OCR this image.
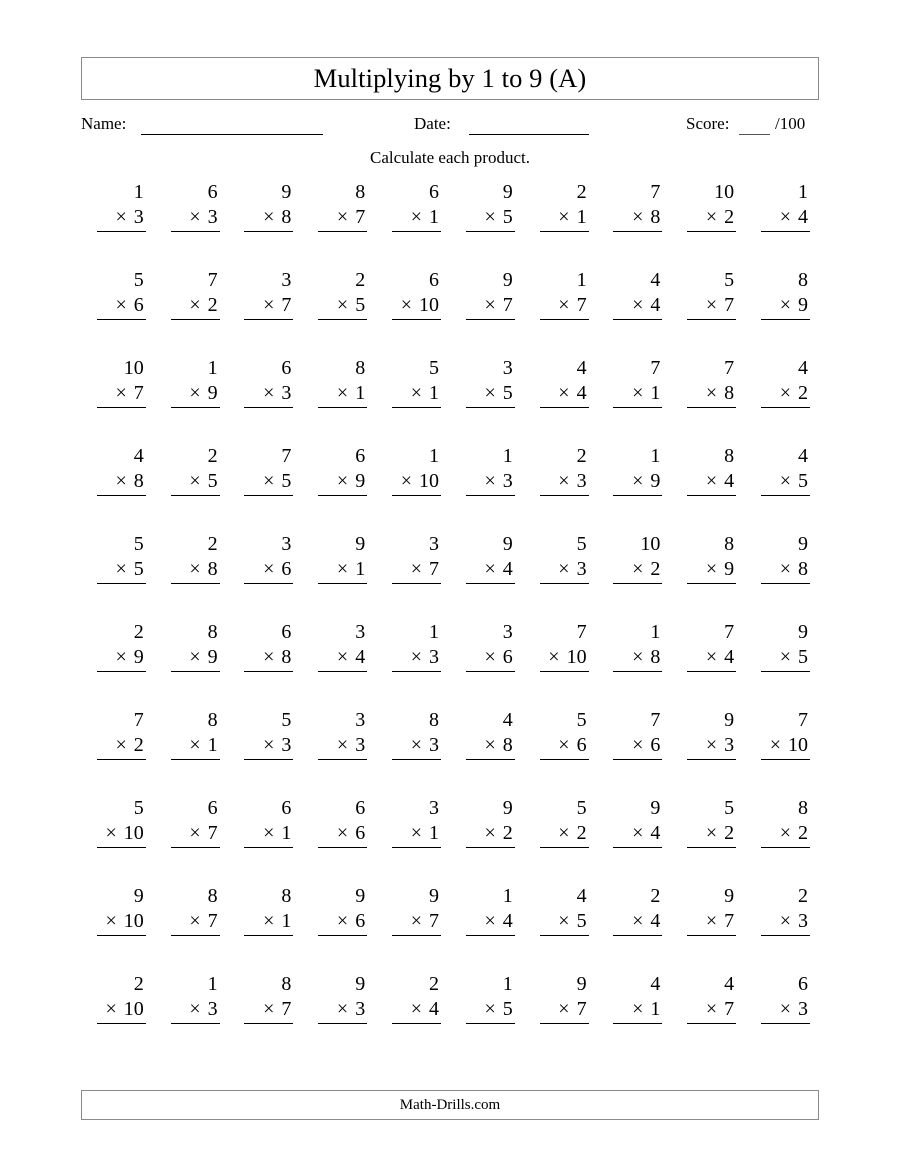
Multiplying by 1 to 9 (A)
Name:	Date:	Score:	/100
Calculate each product.
1
× 3
6
× 3
9
× 8
8
× 7
6
× 1
9
× 5
2
× 1
7
× 8
10
× 2
1
× 4
5
× 6
7
× 2
3
× 7
2
× 5
6
× 10
9
× 7
1
× 7
4
× 4
5
× 7
8
× 9
10
× 7
1
× 9
6
× 3
8
× 1
5
× 1
3
× 5
4
× 4
7
× 1
7
× 8
4
× 2
4
× 8
2
× 5
7
× 5
6
× 9
1
× 10
1
× 3
2
× 3
1
× 9
8
× 4
4
× 5
5
× 5
2
× 8
3
× 6
9
× 1
3
× 7
9
× 4
5
× 3
10
× 2
8
× 9
9
× 8
2
× 9
8
× 9
6
× 8
3
× 4
1
× 3
3
× 6
7
× 10
1
× 8
7
× 4
9
× 5
7
× 2
8
× 1
5
× 3
3
× 3
8
× 3
4
× 8
5
× 6
7
× 6
9
× 3
7
× 10
5
× 10
6
× 7
6
× 1
6
× 6
3
× 1
9
× 2
5
× 2
9
× 4
5
× 2
8
× 2
9
× 10
8
× 7
8
× 1
9
× 6
9
× 7
1
× 4
4
× 5
2
× 4
9
× 7
2
× 3
2
× 10
1
× 3
8
× 7
9
× 3
2
× 4
1
× 5
9
× 7
4
× 1
4
× 7
6
× 3
Math-Drills.com
